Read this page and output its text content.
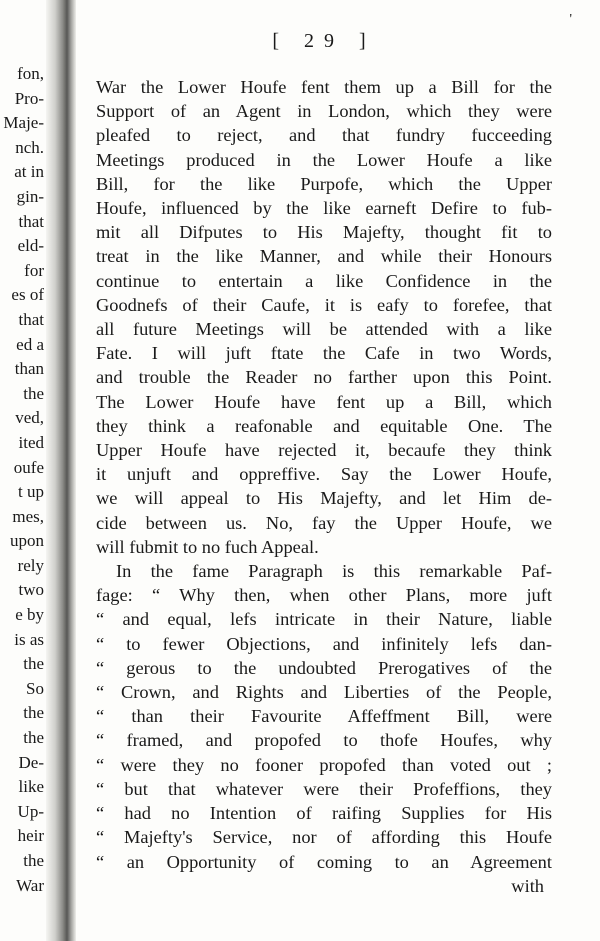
fon,
Pro-
Maje-
nch.
at in
gin-
that
eld-
for
es of
that
ed a
than
the
ved,
ited
oufe
t up
mes,
upon
rely
two
e by
is as
the
So
the
the
De-
like
Up-
heir
the
War
'
[ 29 ]

War the Lower Houfe fent them up a Bill for the

Support of an Agent in London, which they were

pleafed to reject, and that fundry fucceeding

Meetings produced in the Lower Houfe a like

Bill, for the like Purpofe, which the Upper

Houfe, influenced by the like earneft Defire to fub-

mit all Difputes to His Majefty, thought fit to

treat in the like Manner, and while their Honours

continue to entertain a like Confidence in the

Goodnefs of their Caufe, it is eafy to forefee, that

all future Meetings will be attended with a like

Fate. I will juft ftate the Cafe in two Words,

and trouble the Reader no farther upon this Point.

The Lower Houfe have fent up a Bill, which

they think a reafonable and equitable One. The

Upper Houfe have rejected it, becaufe they think

it unjuft and oppreffive. Say the Lower Houfe,

we will appeal to His Majefty, and let Him de-

cide between us. No, fay the Upper Houfe, we

will fubmit to no fuch Appeal.

In the fame Paragraph is this remarkable Paf-

fage: “ Why then, when other Plans, more juft

“ and equal, lefs intricate in their Nature, liable

“ to fewer Objections, and infinitely lefs dan-

“ gerous to the undoubted Prerogatives of the

“ Crown, and Rights and Liberties of the People,

“ than their Favourite Affeffment Bill, were

“ framed, and propofed to thofe Houfes, why

“ were they no fooner propofed than voted out ;

“ but that whatever were their Profeffions, they

“ had no Intention of raifing Supplies for His

“ Majefty's Service, nor of affording this Houfe

“ an Opportunity of coming to an Agreement

with
